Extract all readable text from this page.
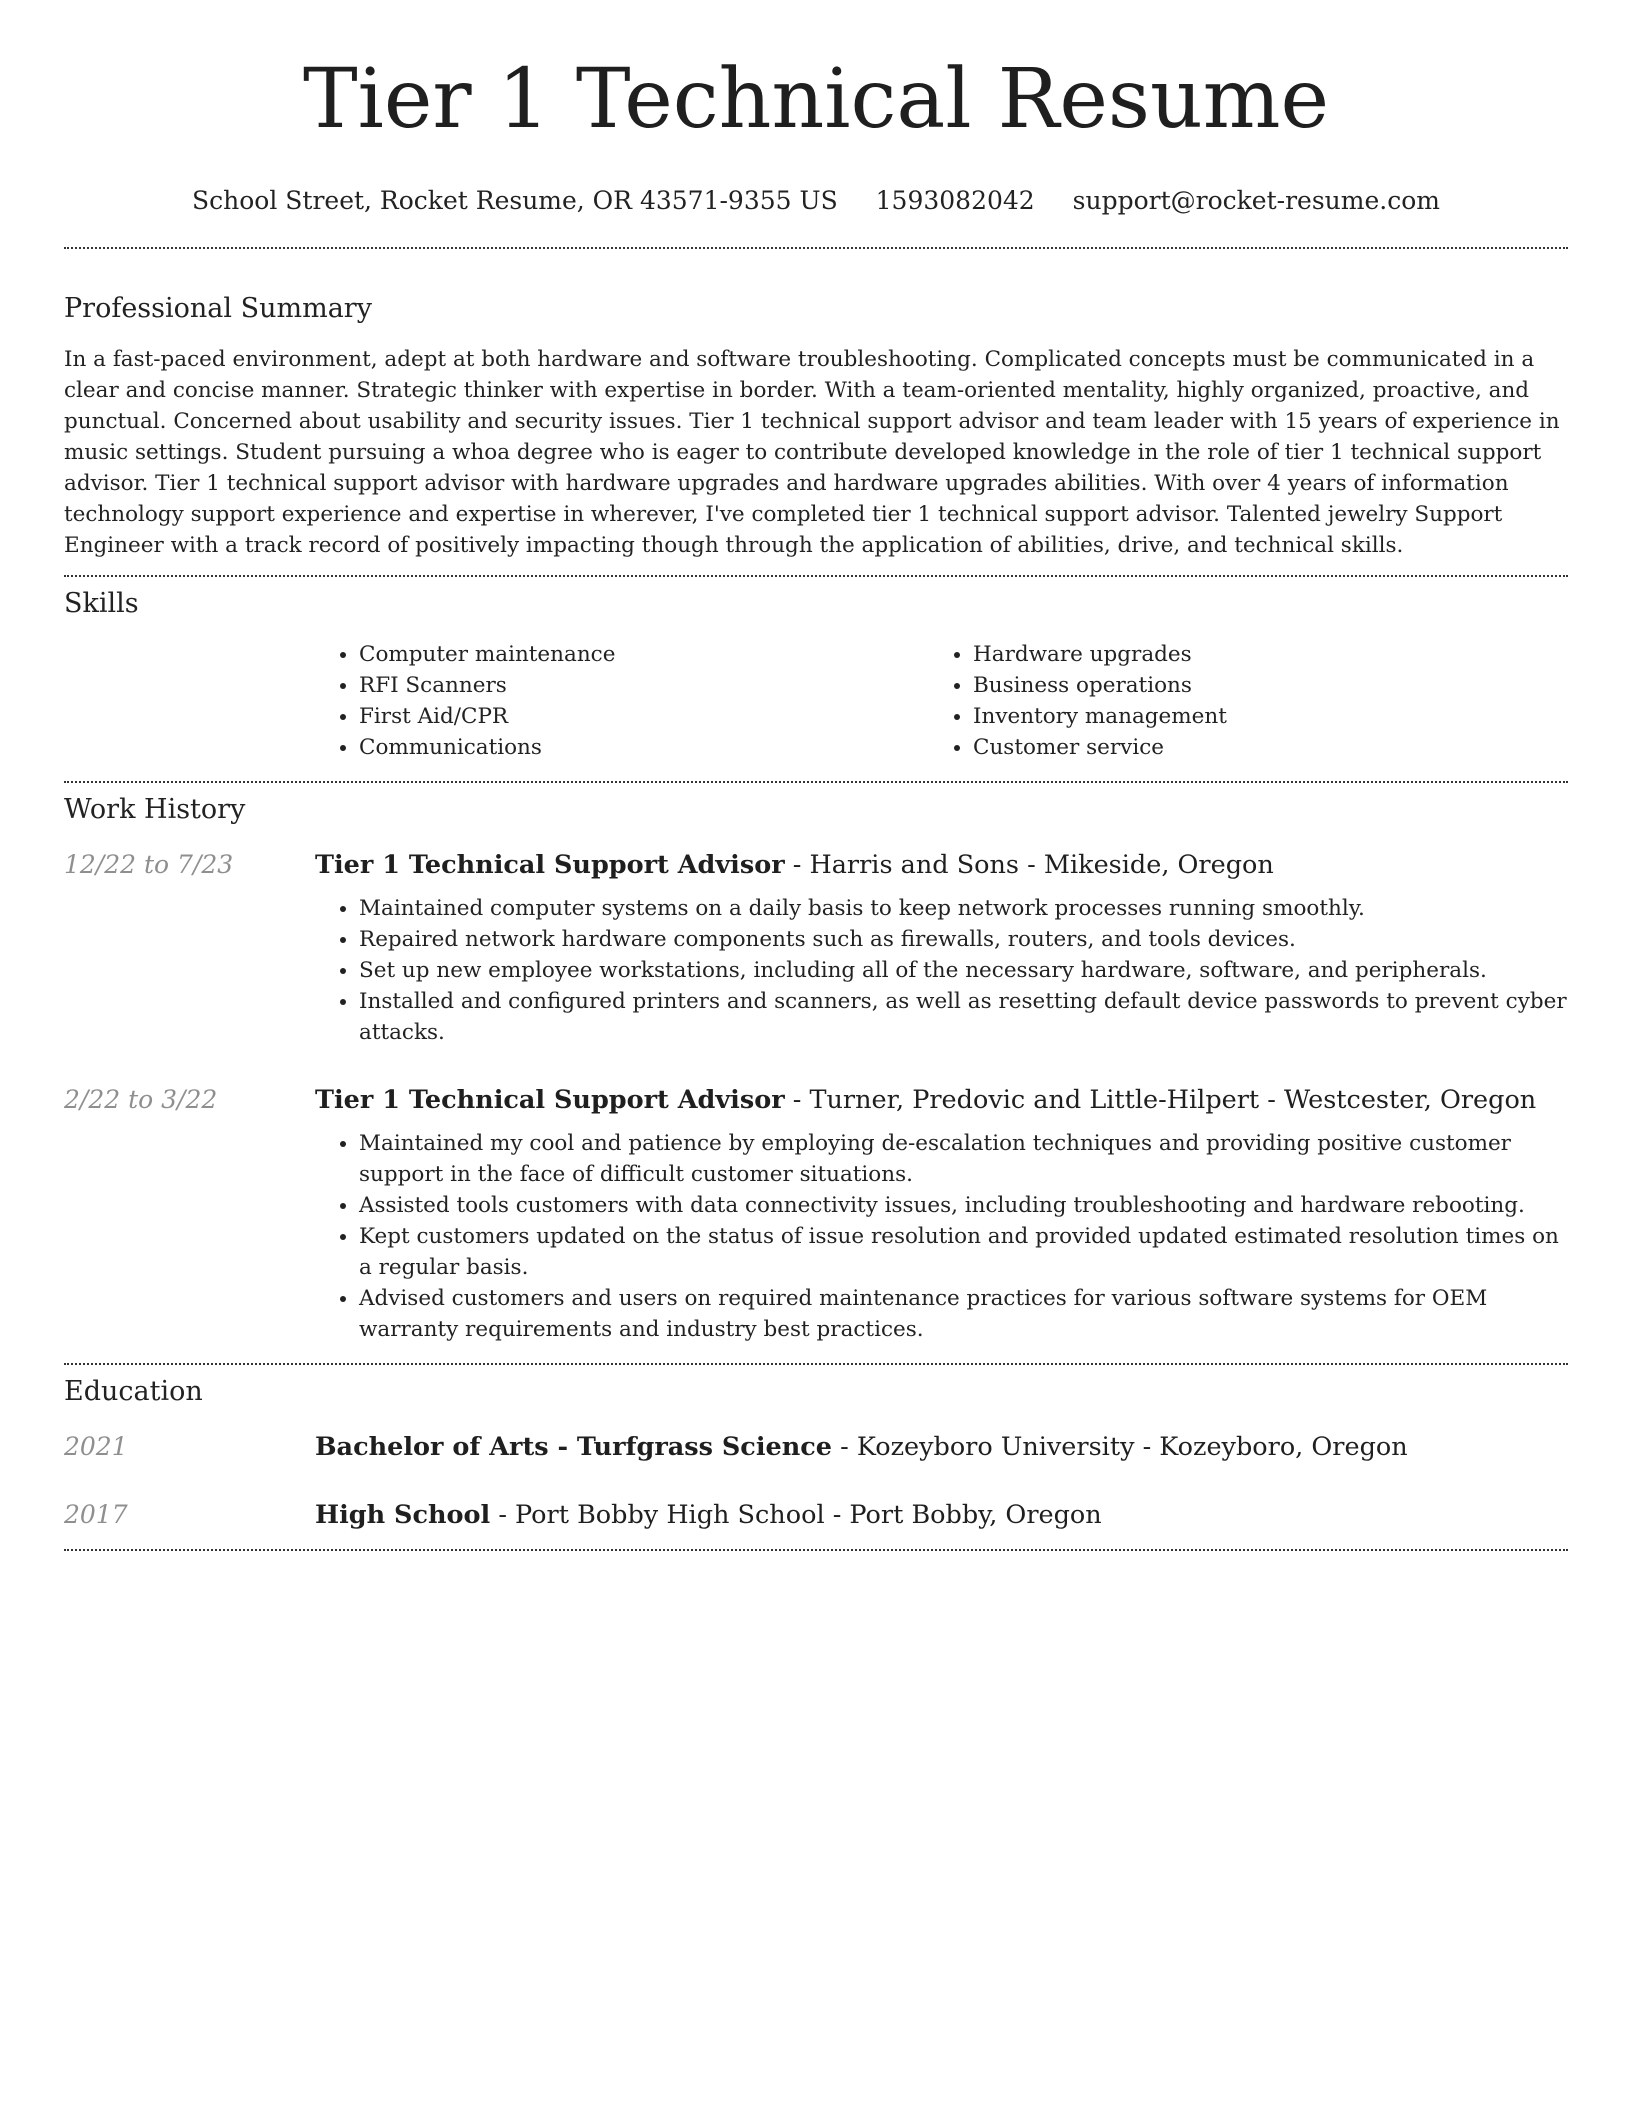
Tier 1 Technical Resume
School Street, Rocket Resume, OR 43571-9355 US 1593082042 support@rocket-resume.com
Professional Summary

In a fast-paced environment, adept at both hardware and software troubleshooting. Complicated concepts must be communicated in a clear and concise manner. Strategic thinker with expertise in border. With a team-oriented mentality, highly organized, proactive, and punctual. Concerned about usability and security issues. Tier 1 technical support advisor and team leader with 15 years of experience in music settings. Student pursuing a whoa degree who is eager to contribute developed knowledge in the role of tier 1 technical support advisor. Tier 1 technical support advisor with hardware upgrades and hardware upgrades abilities. With over 4 years of information technology support experience and expertise in wherever, I've completed tier 1 technical support advisor. Talented jewelry Support Engineer with a track record of positively impacting though through the application of abilities, drive, and technical skills.

Skills
• Computer maintenance
• RFI Scanners
• First Aid/CPR
• Communications
• Hardware upgrades
• Business operations
• Inventory management
• Customer service
Work History
12/22 to 7/23	Tier 1 Technical Support Advisor - Harris and Sons - Mikeside, Oregon
• Maintained computer systems on a daily basis to keep network processes running smoothly.
• Repaired network hardware components such as firewalls, routers, and tools devices.
• Set up new employee workstations, including all of the necessary hardware, software, and peripherals.
• Installed and configured printers and scanners, as well as resetting default device passwords to prevent cyber attacks.
2/22 to 3/22	Tier 1 Technical Support Advisor - Turner, Predovic and Little-Hilpert - Westcester, Oregon
• Maintained my cool and patience by employing de-escalation techniques and providing positive customer support in the face of difficult customer situations.
• Assisted tools customers with data connectivity issues, including troubleshooting and hardware rebooting.
• Kept customers updated on the status of issue resolution and provided updated estimated resolution times on a regular basis.
• Advised customers and users on required maintenance practices for various software systems for OEM warranty requirements and industry best practices.
Education
2021	Bachelor of Arts - Turfgrass Science - Kozeyboro University - Kozeyboro, Oregon
2017	High School - Port Bobby High School - Port Bobby, Oregon
